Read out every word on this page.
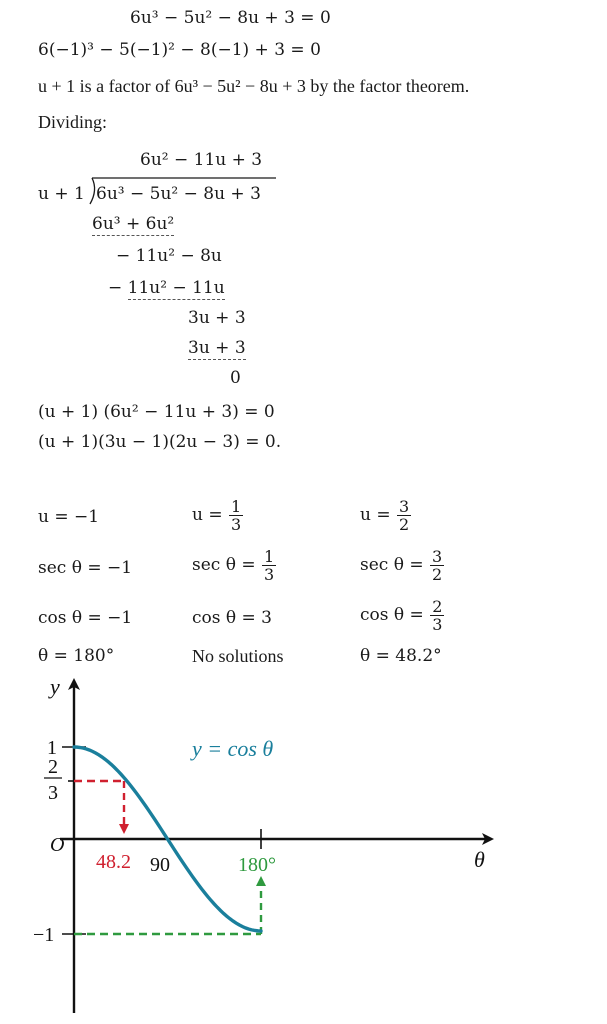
6u³ − 5u² − 8u + 3 = 0
6(−1)³ − 5(−1)² − 8(−1) + 3 = 0
u + 1 is a factor of 6u³ − 5u² − 8u + 3 by the factor theorem.
Dividing:
6u² − 11u + 3
u + 1 6u³ − 5u² − 8u + 3
6u³ + 6u²
− 11u² − 8u
− 11u² − 11u
3u + 3
3u + 3
0
(u + 1) (6u² − 11u + 3) = 0
(u + 1)(3u − 1)(2u − 3) = 0.
u = −1
sec θ = −1
cos θ = −1
θ = 180°
$u = \frac{1}{3}$
$\sec \theta = \frac{1}{3}$
cos θ = 3
No solutions
$u = \frac{3}{2}$
$\sec \theta = \frac{3}{2}$
$\cos \theta = \frac{2}{3}$
θ = 48.2°
y
θ
O
1
2
3
−1
48.2	180°
90
y = cos θ
